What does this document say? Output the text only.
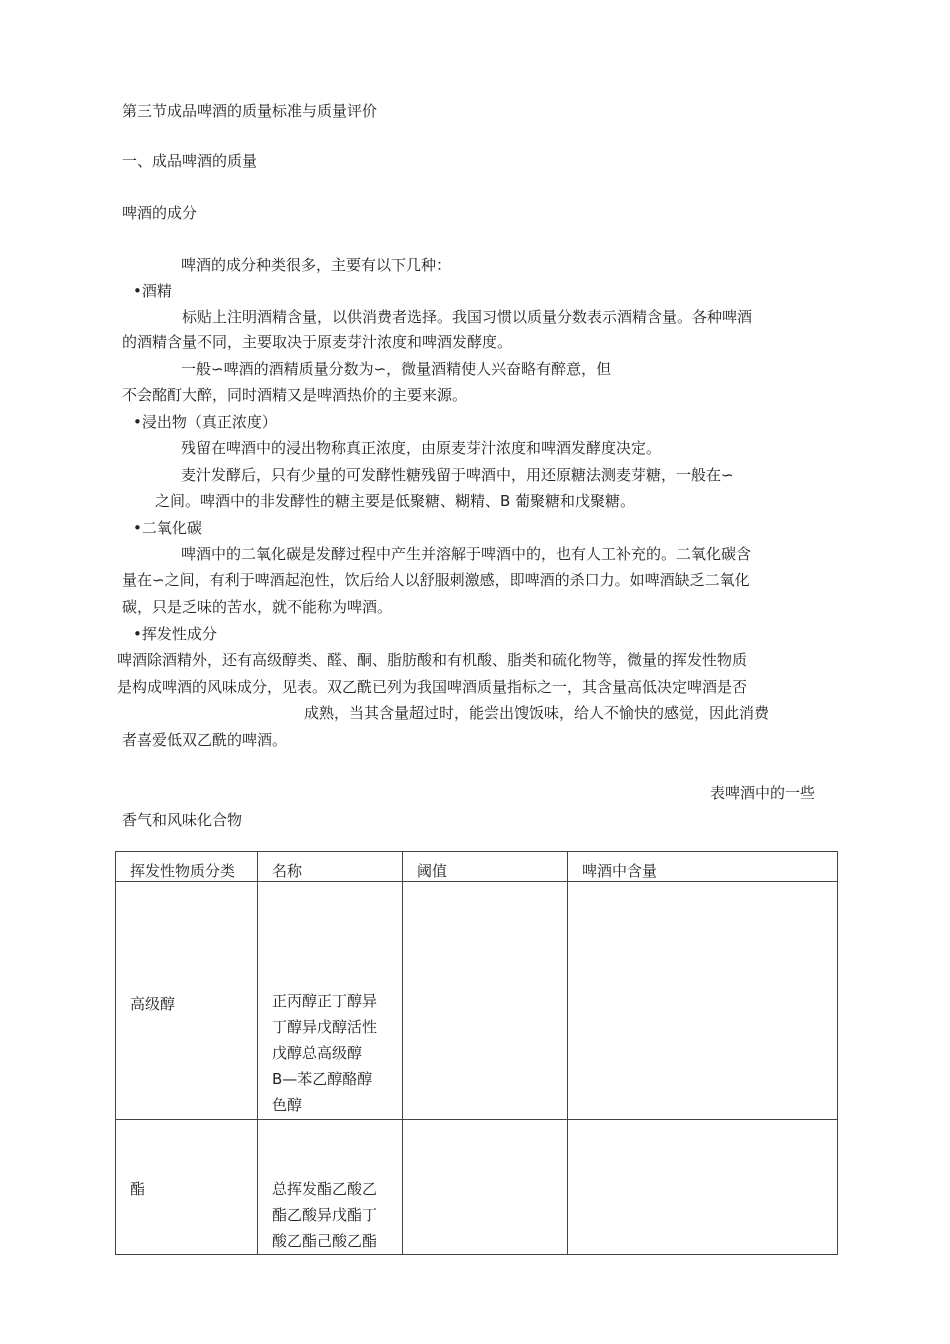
第三节成品啤酒的质量标准与质量评价
一、成品啤酒的质量
啤酒的成分
啤酒的成分种类很多，主要有以下几种：
•酒精
标贴上注明酒精含量，以供消费者选择。我国习惯以质量分数表示酒精含量。各种啤酒
的酒精含量不同，主要取决于原麦芽汁浓度和啤酒发酵度。
一般∽啤酒的酒精质量分数为∽，微量酒精使人兴奋略有醉意，但
不会酩酊大醉，同时酒精又是啤酒热价的主要来源。
•浸出物（真正浓度）
残留在啤酒中的浸出物称真正浓度，由原麦芽汁浓度和啤酒发酵度决定。
麦汁发酵后，只有少量的可发酵性糖残留于啤酒中，用还原糖法测麦芽糖，一般在∽
之间。啤酒中的非发酵性的糖主要是低聚糖、糊精、B 葡聚糖和戊聚糖。
•二氧化碳
啤酒中的二氧化碳是发酵过程中产生并溶解于啤酒中的，也有人工补充的。二氧化碳含
量在∽之间，有利于啤酒起泡性，饮后给人以舒服刺激感，即啤酒的杀口力。如啤酒缺乏二氧化
碳，只是乏味的苦水，就不能称为啤酒。
•挥发性成分
啤酒除酒精外，还有高级醇类、醛、酮、脂肪酸和有机酸、脂类和硫化物等，微量的挥发性物质
是构成啤酒的风味成分，见表。双乙酰已列为我国啤酒质量指标之一，其含量高低决定啤酒是否
成熟，当其含量超过时，能尝出馊饭味，给人不愉快的感觉，因此消费
者喜爱低双乙酰的啤酒。
表啤酒中的一些
香气和风味化合物
挥发性物质分类	名称	阈值	啤酒中含量

高级醇	正丙醇正丁醇异
丁醇异戊醇活性
戊醇总高级醇
B—苯乙醇酪醇
色醇		

酯	总挥发酯乙酸乙
酯乙酸异戊酯丁
酸乙酯己酸乙酯		
